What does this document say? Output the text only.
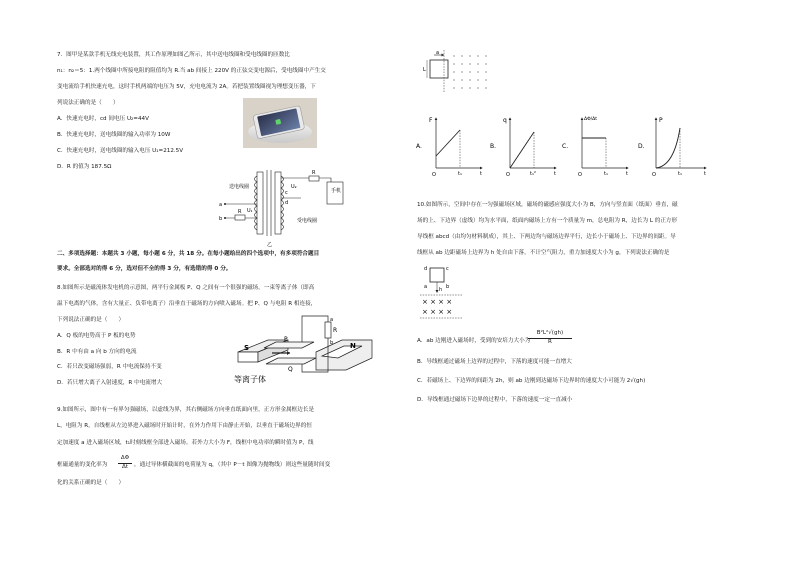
7．图甲是某款手机无线充电装置，其工作原理如图乙所示，其中送电线圈和受电线圈的匝数比
n₁：n₂＝5：1.两个线圈中所接电阻的阻值均为 R.当 ab 间接上 220V 的正弦交变电源后，受电线圈中产生交
变电流给手机快速充电，这时手机两端的电压为 5V，充电电流为 2A。若把装置线圈视为理想变压器，下
列说法正确的是（　　）
A．快速充电时，cd 间电压 U₂=44V
B．快速充电时，送电线圈的输入功率为 10W
C．快速充电时，送电线圈的输入电压 U₁=212.5V
D．R 的值为 187.5Ω
送电线圈
受电线圈
手机
a
b
c
d
R
R
U₁
U₂
乙
二、多项选择题：本题共 3 小题，每小题 6 分，共 18 分。在每小题给出的四个选项中，有多项符合题目
要求。全部选对的得 6 分，选对但不全的得 3 分，有选错的得 0 分。
8.如图所示是磁流体发电机的示意图，两平行金属板 P、Q 之间有一个很强的磁场。一束等离子体（即高
温下电离的气体，含有大量正、负带电离子）沿垂直于磁场的方向喷入磁场。把 P、Q 与电阻 R 相连接，
下列说法正确的是（　　）
A．Q 板的电势高于 P 板的电势
B．R 中有由 a 向 b 方向的电流
C．若只改变磁场强弱，R 中电流保持不变
D．若只增大离子入射速度，R 中电流增大
S	N
P
Q
R
a
b
等离子体
9.如图所示，图中有一有界匀强磁场，以虚线为界，其右侧磁场方向垂直纸面向里，正方形金属框边长是
L，电阻为 R，自线框从左边界进入磁场时开始计时，在外力作用下由静止开始，以垂直于磁场边界的恒
定加速度 a 进入磁场区域，t₁时刻线框全部进入磁场。若外力大小为 F，线框中电功率的瞬时值为 P，线
框磁通量的变化率为
ΔΦ
Δt	，通过导体横截面的电荷量为 q，（其中 P－t 图像为抛物线）则这些量随时间变
化的关系正确的是（　　）
L
a
A.
F
O	t₁	t
B.
q
O	t₁²	t
C.
ΔΦ/Δt
O	t₁	t
D.
P
O	t₁	t
10.如图所示，空间中存在一匀强磁场区域，磁场的磁感应强度大小为 B，方向与竖直面（纸面）垂直，磁
场的上、下边界（虚线）均为水平面，纸面内磁场上方有一个质量为 m，总电阻为 R，边长为 L 的正方形
导线框 abcd（由均匀材料制成），其上、下两边均与磁场边界平行，边长小于磁场上、下边界的间距。导
线框从 ab 边距磁场上边界为 h 处自由下落，不计空气阻力，重力加速度大小为 g，下列说法正确的是
d	c
a	b
h
× × × ×
× × × ×
A．ab 边刚进入磁场时，受到的安培力大小为
B²L²√(gh)
R
B．导线框通过磁场上边界的过程中，下落的速度可能一直增大
C．若磁场上、下边界的间距为 2h，则 ab 边刚到达磁场下边界时的速度大小可能为 2√(gh)
D．导线框通过磁场下边界的过程中，下落的速度一定一直减小
